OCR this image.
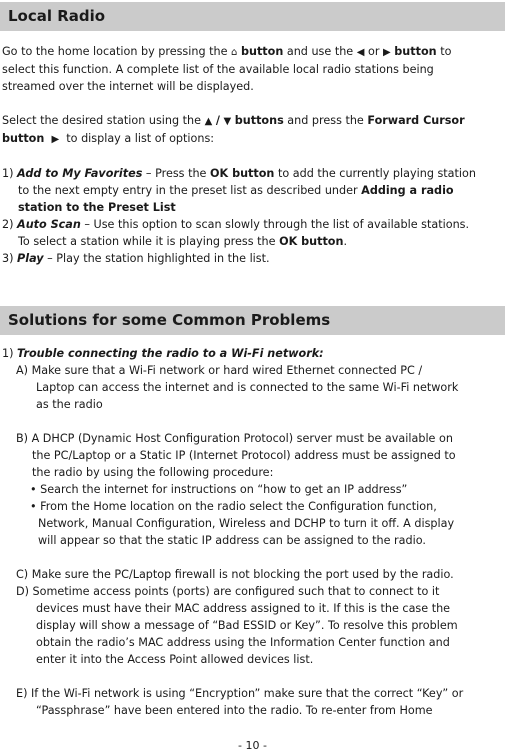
Local Radio

Go to the home location by pressing the ⌂ button and use the ◀ or ▶ button to
select this function. A complete list of the available local radio stations being
streamed over the internet will be displayed.

Select the desired station using the ▲ / ▼ buttons and press the Forward Cursor
button ▶ to display a list of options:

1) Add to My Favorites – Press the OK button to add the currently playing station

to the next empty entry in the preset list as described under Adding a radio
station to the Preset List

2) Auto Scan – Use this option to scan slowly through the list of available stations.

To select a station while it is playing press the OK button.

3) Play – Play the station highlighted in the list.

Solutions for some Common Problems

1) Trouble connecting the radio to a Wi-Fi network:

A) Make sure that a Wi-Fi network or hard wired Ethernet connected PC /

Laptop can access the internet and is connected to the same Wi-Fi network

as the radio

B) A DHCP (Dynamic Host Configuration Protocol) server must be available on

the PC/Laptop or a Static IP (Internet Protocol) address must be assigned to

the radio by using the following procedure:

• Search the internet for instructions on “how to get an IP address”

• From the Home location on the radio select the Configuration function,

Network, Manual Configuration, Wireless and DCHP to turn it off. A display

will appear so that the static IP address can be assigned to the radio.

C) Make sure the PC/Laptop firewall is not blocking the port used by the radio.

D) Sometime access points (ports) are configured such that to connect to it

devices must have their MAC address assigned to it. If this is the case the

display will show a message of “Bad ESSID or Key”. To resolve this problem

obtain the radio’s MAC address using the Information Center function and

enter it into the Access Point allowed devices list.

E) If the Wi-Fi network is using “Encryption” make sure that the correct “Key” or

“Passphrase” have been entered into the radio. To re-enter from Home

- 10 -
